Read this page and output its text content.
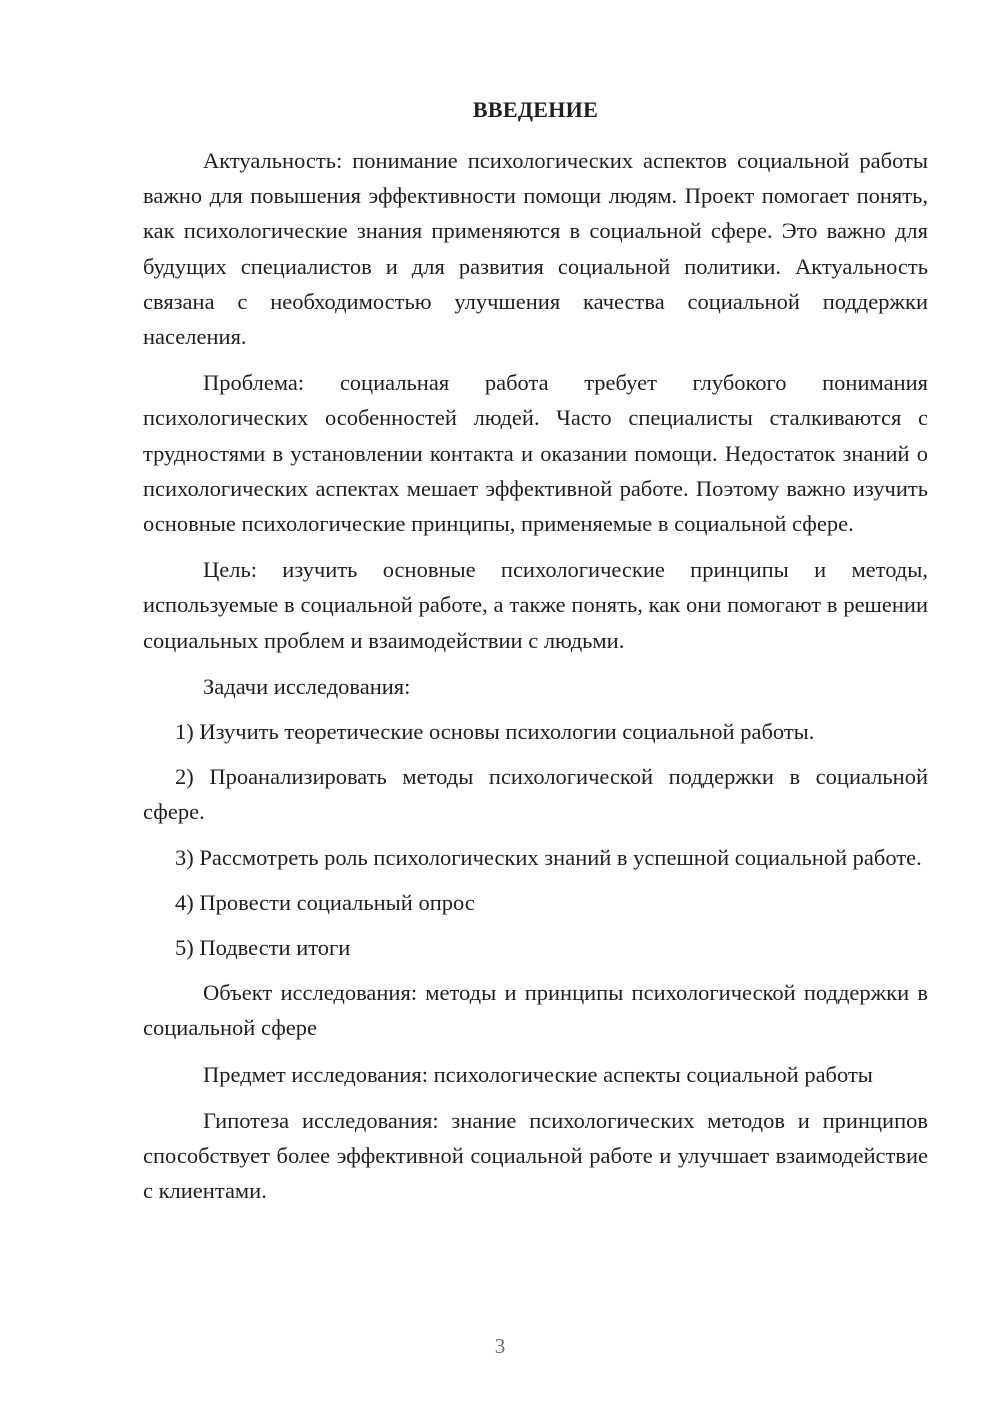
ВВЕДЕНИЕ

Актуальность: понимание психологических аспектов социальной работы важно для повышения эффективности помощи людям. Проект помогает понять, как психологические знания применяются в социальной сфере. Это важно для будущих специалистов и для развития социальной политики. Актуальность связана с необходимостью улучшения качества социальной поддержки населения.

Проблема: социальная работа требует глубокого понимания психологических особенностей людей. Часто специалисты сталкиваются с трудностями в установлении контакта и оказании помощи. Недостаток знаний о психологических аспектах мешает эффективной работе. Поэтому важно изучить основные психологические принципы, применяемые в социальной сфере.

Цель: изучить основные психологические принципы и методы, используемые в социальной работе, а также понять, как они помогают в решении социальных проблем и взаимодействии с людьми.

Задачи исследования:

1) Изучить теоретические основы психологии социальной работы.

2) Проанализировать методы психологической поддержки в социальной сфере.

3) Рассмотреть роль психологических знаний в успешной социальной работе.

4) Провести социальный опрос

5) Подвести итоги

Объект исследования: методы и принципы психологической поддержки в социальной сфере

Предмет исследования: психологические аспекты социальной работы

Гипотеза исследования: знание психологических методов и принципов способствует более эффективной социальной работе и улучшает взаимодействие с клиентами.

3
